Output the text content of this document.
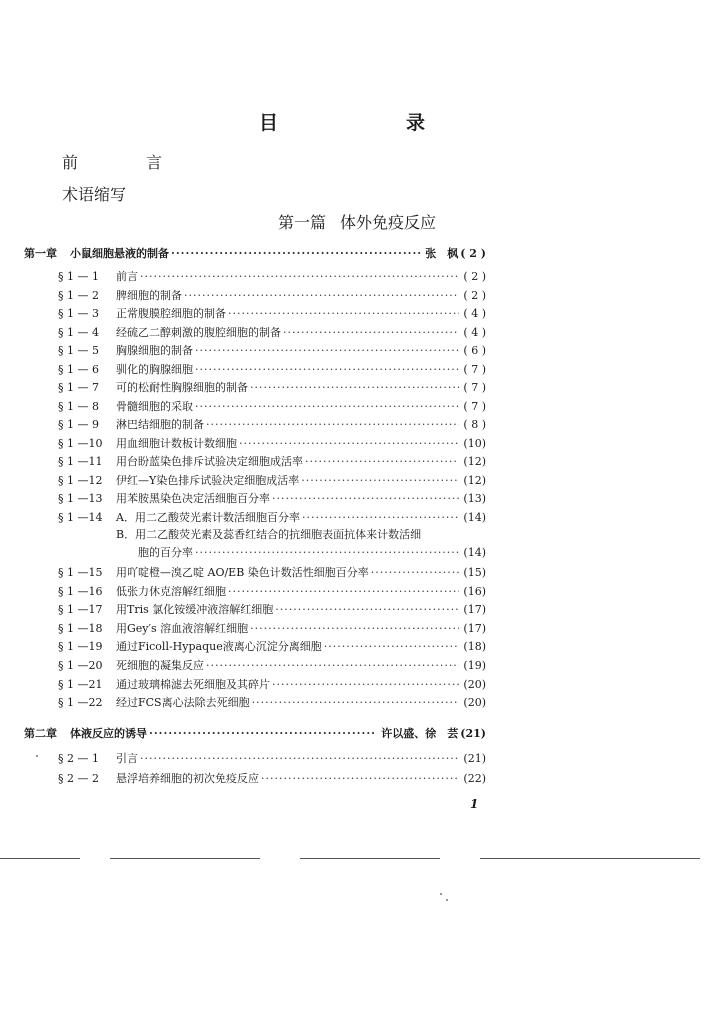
目　　录
前　言
术语缩写
第一篇 体外免疫反应
第一章	小鼠细胞悬液的制备 ·····	张　枫 ( 2 )
§ 1 — 1	前言 ·····	( 2 )
§ 1 — 2	脾细胞的制备 ·····	( 2 )
§ 1 — 3	正常腹膜腔细胞的制备 ·····	( 4 )
§ 1 — 4	经硫乙二醇刺激的腹腔细胞的制备 ·····	( 4 )
§ 1 — 5	胸腺细胞的制备 ·····	( 6 )
§ 1 — 6	驯化的胸腺细胞 ·····	( 7 )
§ 1 — 7	可的松耐性胸腺细胞的制备 ·····	( 7 )
§ 1 — 8	骨髓细胞的采取 ·····	( 7 )
§ 1 — 9	淋巴结细胞的制备 ·····	( 8 )
§ 1 —10	用血细胞计数板计数细胞 ·····	(10)
§ 1 —11	用台盼蓝染色排斥试验决定细胞成活率 ·····	(12)
§ 1 —12	伊红—Y染色排斥试验决定细胞成活率 ·····	(12)
§ 1 —13	用苯胺黑染色决定活细胞百分率 ·····	(13)
§ 1 —14	A．用二乙酸荧光素计数活细胞百分率 ·····	(14)
B．用二乙酸荧光素及蕊香红结合的抗细胞表面抗体来计数活细
胞的百分率 ·····	(14)
§ 1 —15	用吖啶橙—溴乙啶 AO/EB 染色计数活性细胞百分率 ·····	(15)
§ 1 —16	低张力休克溶解红细胞 ·····	(16)
§ 1 —17	用Tris 氯化铵缓冲液溶解红细胞 ·····	(17)
§ 1 —18	用Gey′s 溶血液溶解红细胞 ·····	(17)
§ 1 —19	通过Ficoll-Hypaque液离心沉淀分离细胞 ·····	(18)
§ 1 —20	死细胞的凝集反应 ·····	(19)
§ 1 —21	通过玻璃棉滤去死细胞及其碎片 ·····	(20)
§ 1 —22	经过FCS离心法除去死细胞 ·····	(20)
第二章	体液反应的诱导 ·····	许以盛、徐　芸 (21)
§ 2 — 1	引言 ·····	(21)
§ 2 — 2	悬浮培养细胞的初次免疫反应 ·····	(22)
1
